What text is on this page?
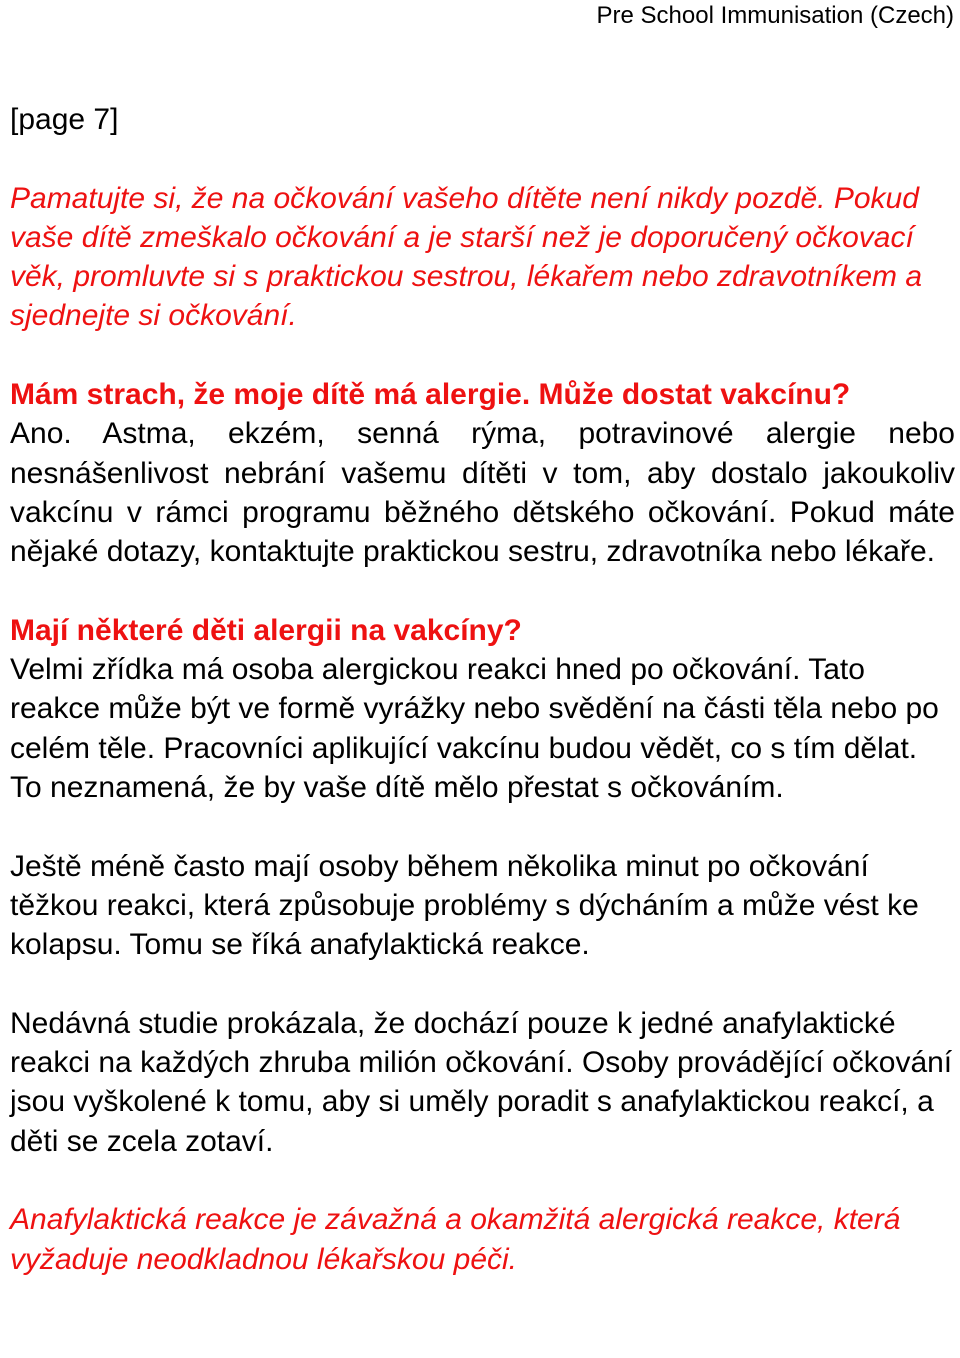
Pre School Immunisation (Czech)

[page 7]

Pamatujte si, že na očkování vašeho dítěte není nikdy pozdě. Pokud vaše dítě zmeškalo očkování a je starší než je doporučený očkovací věk, promluvte si s praktickou sestrou, lékařem nebo zdravotníkem a sjednejte si očkování.

Mám strach, že moje dítě má alergie. Může dostat vakcínu?

Ano. Astma, ekzém, senná rýma, potravinové alergie nebo nesnášenlivost nebrání vašemu dítěti v tom, aby dostalo jakoukoliv vakcínu v rámci programu běžného dětského očkování. Pokud máte nějaké dotazy, kontaktujte praktickou sestru, zdravotníka nebo lékaře.

Mají některé děti alergii na vakcíny?

Velmi zřídka má osoba alergickou reakci hned po očkování. Tato reakce může být ve formě vyrážky nebo svědění na části těla nebo po celém těle. Pracovníci aplikující vakcínu budou vědět, co s tím dělat. To neznamená, že by vaše dítě mělo přestat s očkováním.

Ještě méně často mají osoby během několika minut po očkování těžkou reakci, která způsobuje problémy s dýcháním a může vést ke kolapsu. Tomu se říká anafylaktická reakce.

Nedávná studie prokázala, že dochází pouze k jedné anafylaktické reakci na každých zhruba milión očkování. Osoby provádějící očkování jsou vyškolené k tomu, aby si uměly poradit s anafylaktickou reakcí, a děti se zcela zotaví.

Anafylaktická reakce je závažná a okamžitá alergická reakce, která vyžaduje neodkladnou lékařskou péči.
